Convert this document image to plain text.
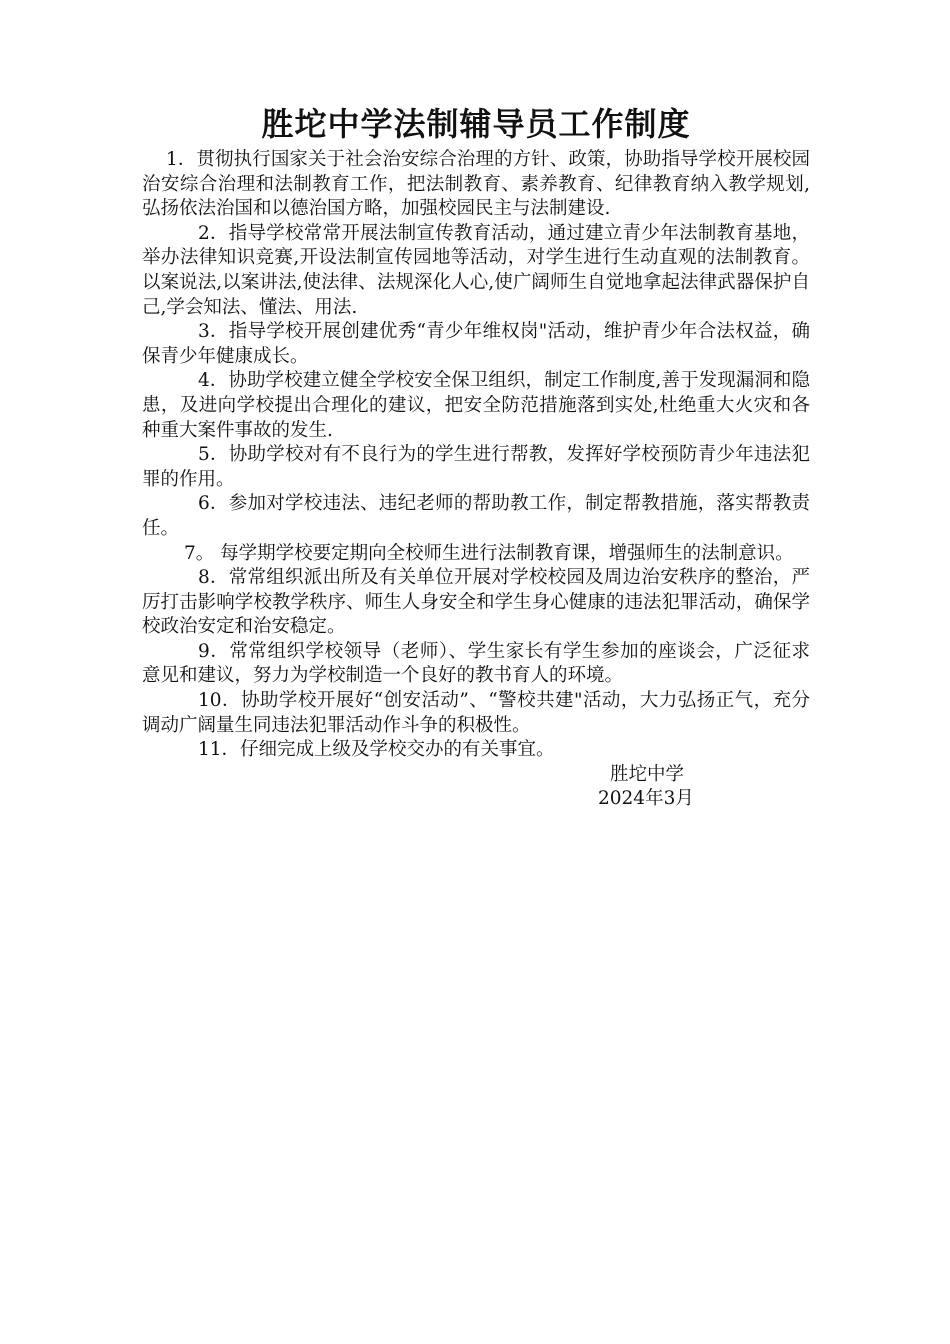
胜坨中学法制辅导员工作制度

1．贯彻执行国家关于社会治安综合治理的方针、政策，协助指导学校开展校园治安综合治理和法制教育工作，把法制教育、素养教育、纪律教育纳入教学规划,弘扬依法治国和以德治国方略，加强校园民主与法制建设.

2．指导学校常常开展法制宣传教育活动，通过建立青少年法制教育基地，举办法律知识竞赛,开设法制宣传园地等活动，对学生进行生动直观的法制教育。以案说法,以案讲法,使法律、法规深化人心,使广阔师生自觉地拿起法律武器保护自己,学会知法、懂法、用法.

3．指导学校开展创建优秀“青少年维权岗"活动，维护青少年合法权益，确保青少年健康成长。

4．协助学校建立健全学校安全保卫组织，制定工作制度,善于发现漏洞和隐患，及进向学校提出合理化的建议，把安全防范措施落到实处,杜绝重大火灾和各种重大案件事故的发生.

5．协助学校对有不良行为的学生进行帮教，发挥好学校预防青少年违法犯罪的作用。

6．参加对学校违法、违纪老师的帮助教工作，制定帮教措施，落实帮教责任。

7。 每学期学校要定期向全校师生进行法制教育课，增强师生的法制意识。

8．常常组织派出所及有关单位开展对学校校园及周边治安秩序的整治，严厉打击影响学校教学秩序、师生人身安全和学生身心健康的违法犯罪活动，确保学校政治安定和治安稳定。

9．常常组织学校领导（老师）、学生家长有学生参加的座谈会，广泛征求意见和建议，努力为学校制造一个良好的教书育人的环境。

10．协助学校开展好“创安活动”、“警校共建"活动，大力弘扬正气，充分调动广阔量生同违法犯罪活动作斗争的积极性。

11．仔细完成上级及学校交办的有关事宜。

胜坨中学

2024年3月
